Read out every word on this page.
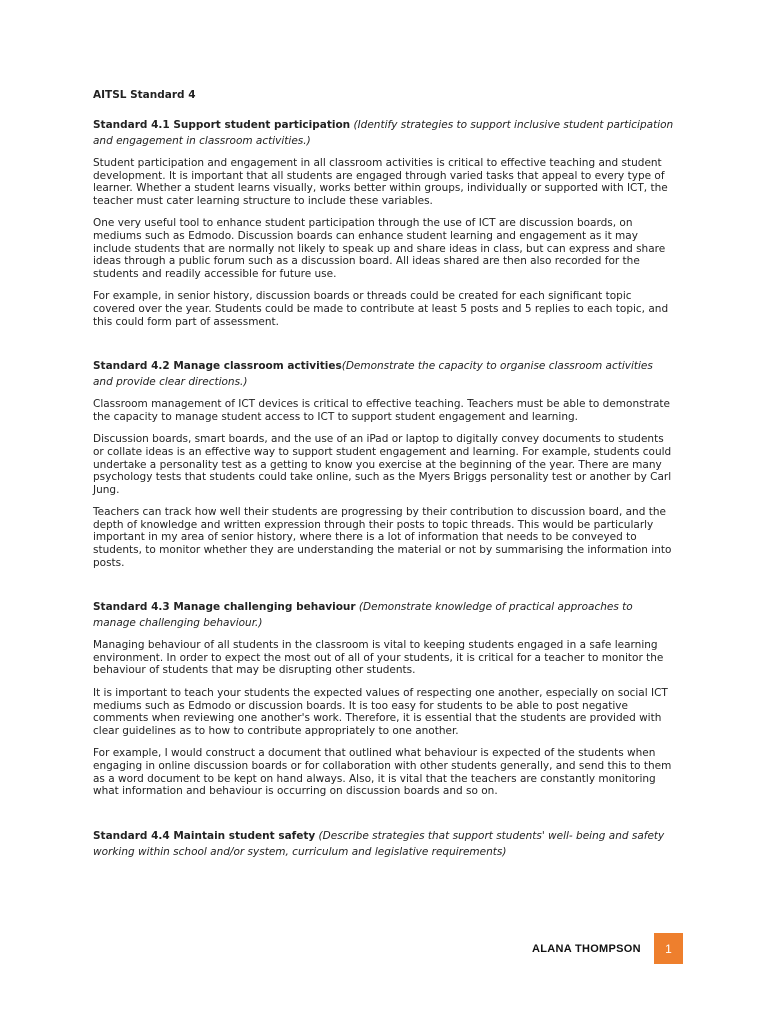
AITSL Standard 4
Standard 4.1 Support student participation (Identify strategies to support inclusive student participation and engagement in classroom activities.)

Student participation and engagement in all classroom activities is critical to effective teaching and student development. It is important that all students are engaged through varied tasks that appeal to every type of learner. Whether a student learns visually, works better within groups, individually or supported with ICT, the teacher must cater learning structure to include these variables.

One very useful tool to enhance student participation through the use of ICT are discussion boards, on mediums such as Edmodo. Discussion boards can enhance student learning and engagement as it may include students that are normally not likely to speak up and share ideas in class, but can express and share ideas through a public forum such as a discussion board. All ideas shared are then also recorded for the students and readily accessible for future use.

For example, in senior history, discussion boards or threads could be created for each significant topic covered over the year. Students could be made to contribute at least 5 posts and 5 replies to each topic, and this could form part of assessment.

Standard 4.2 Manage classroom activities(Demonstrate the capacity to organise classroom activities and provide clear directions.)

Classroom management of ICT devices is critical to effective teaching. Teachers must be able to demonstrate the capacity to manage student access to ICT to support student engagement and learning.

Discussion boards, smart boards, and the use of an iPad or laptop to digitally convey documents to students or collate ideas is an effective way to support student engagement and learning. For example, students could undertake a personality test as a getting to know you exercise at the beginning of the year. There are many psychology tests that students could take online, such as the Myers Briggs personality test or another by Carl Jung.

Teachers can track how well their students are progressing by their contribution to discussion board, and the depth of knowledge and written expression through their posts to topic threads. This would be particularly important in my area of senior history, where there is a lot of information that needs to be conveyed to students, to monitor whether they are understanding the material or not by summarising the information into posts.

Standard 4.3 Manage challenging behaviour (Demonstrate knowledge of practical approaches to manage challenging behaviour.)

Managing behaviour of all students in the classroom is vital to keeping students engaged in a safe learning environment. In order to expect the most out of all of your students, it is critical for a teacher to monitor the behaviour of students that may be disrupting other students.

It is important to teach your students the expected values of respecting one another, especially on social ICT mediums such as Edmodo or discussion boards. It is too easy for students to be able to post negative comments when reviewing one another's work. Therefore, it is essential that the students are provided with clear guidelines as to how to contribute appropriately to one another.

For example, I would construct a document that outlined what behaviour is expected of the students when engaging in online discussion boards or for collaboration with other students generally, and send this to them as a word document to be kept on hand always. Also, it is vital that the teachers are constantly monitoring what information and behaviour is occurring on discussion boards and so on.

Standard 4.4 Maintain student safety (Describe strategies that support students' well- being and safety working within school and/or system, curriculum and legislative requirements)
ALANA THOMPSON	1
